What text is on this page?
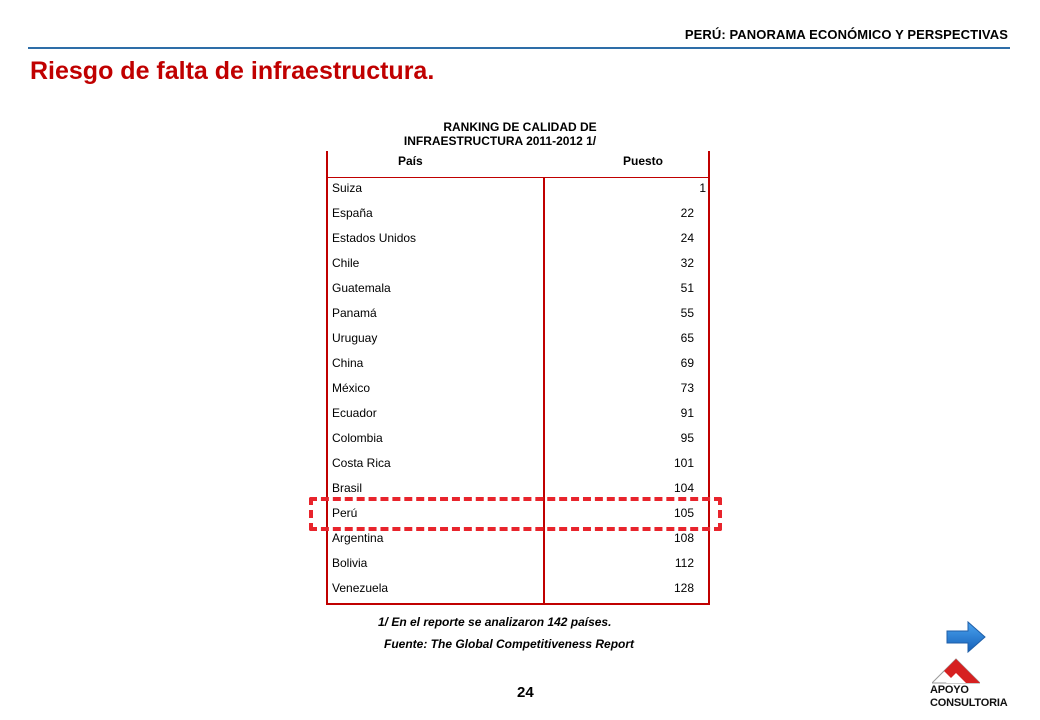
PERÚ: PANORAMA ECONÓMICO Y PERSPECTIVAS
Riesgo de falta de infraestructura.
RANKING DE CALIDAD DE
INFRAESTRUCTURA 2011-2012 1/
País	Puesto
Suiza	1
España	22
Estados Unidos	24
Chile	32
Guatemala	51
Panamá	55
Uruguay	65
China	69
México	73
Ecuador	91
Colombia	95
Costa Rica	101
Brasil	104
Perú	105
Argentina	108
Bolivia	112
Venezuela	128
1/ En el reporte se analizaron 142 países.
Fuente: The Global Competitiveness Report
24	APOYO
CONSULTORIA
